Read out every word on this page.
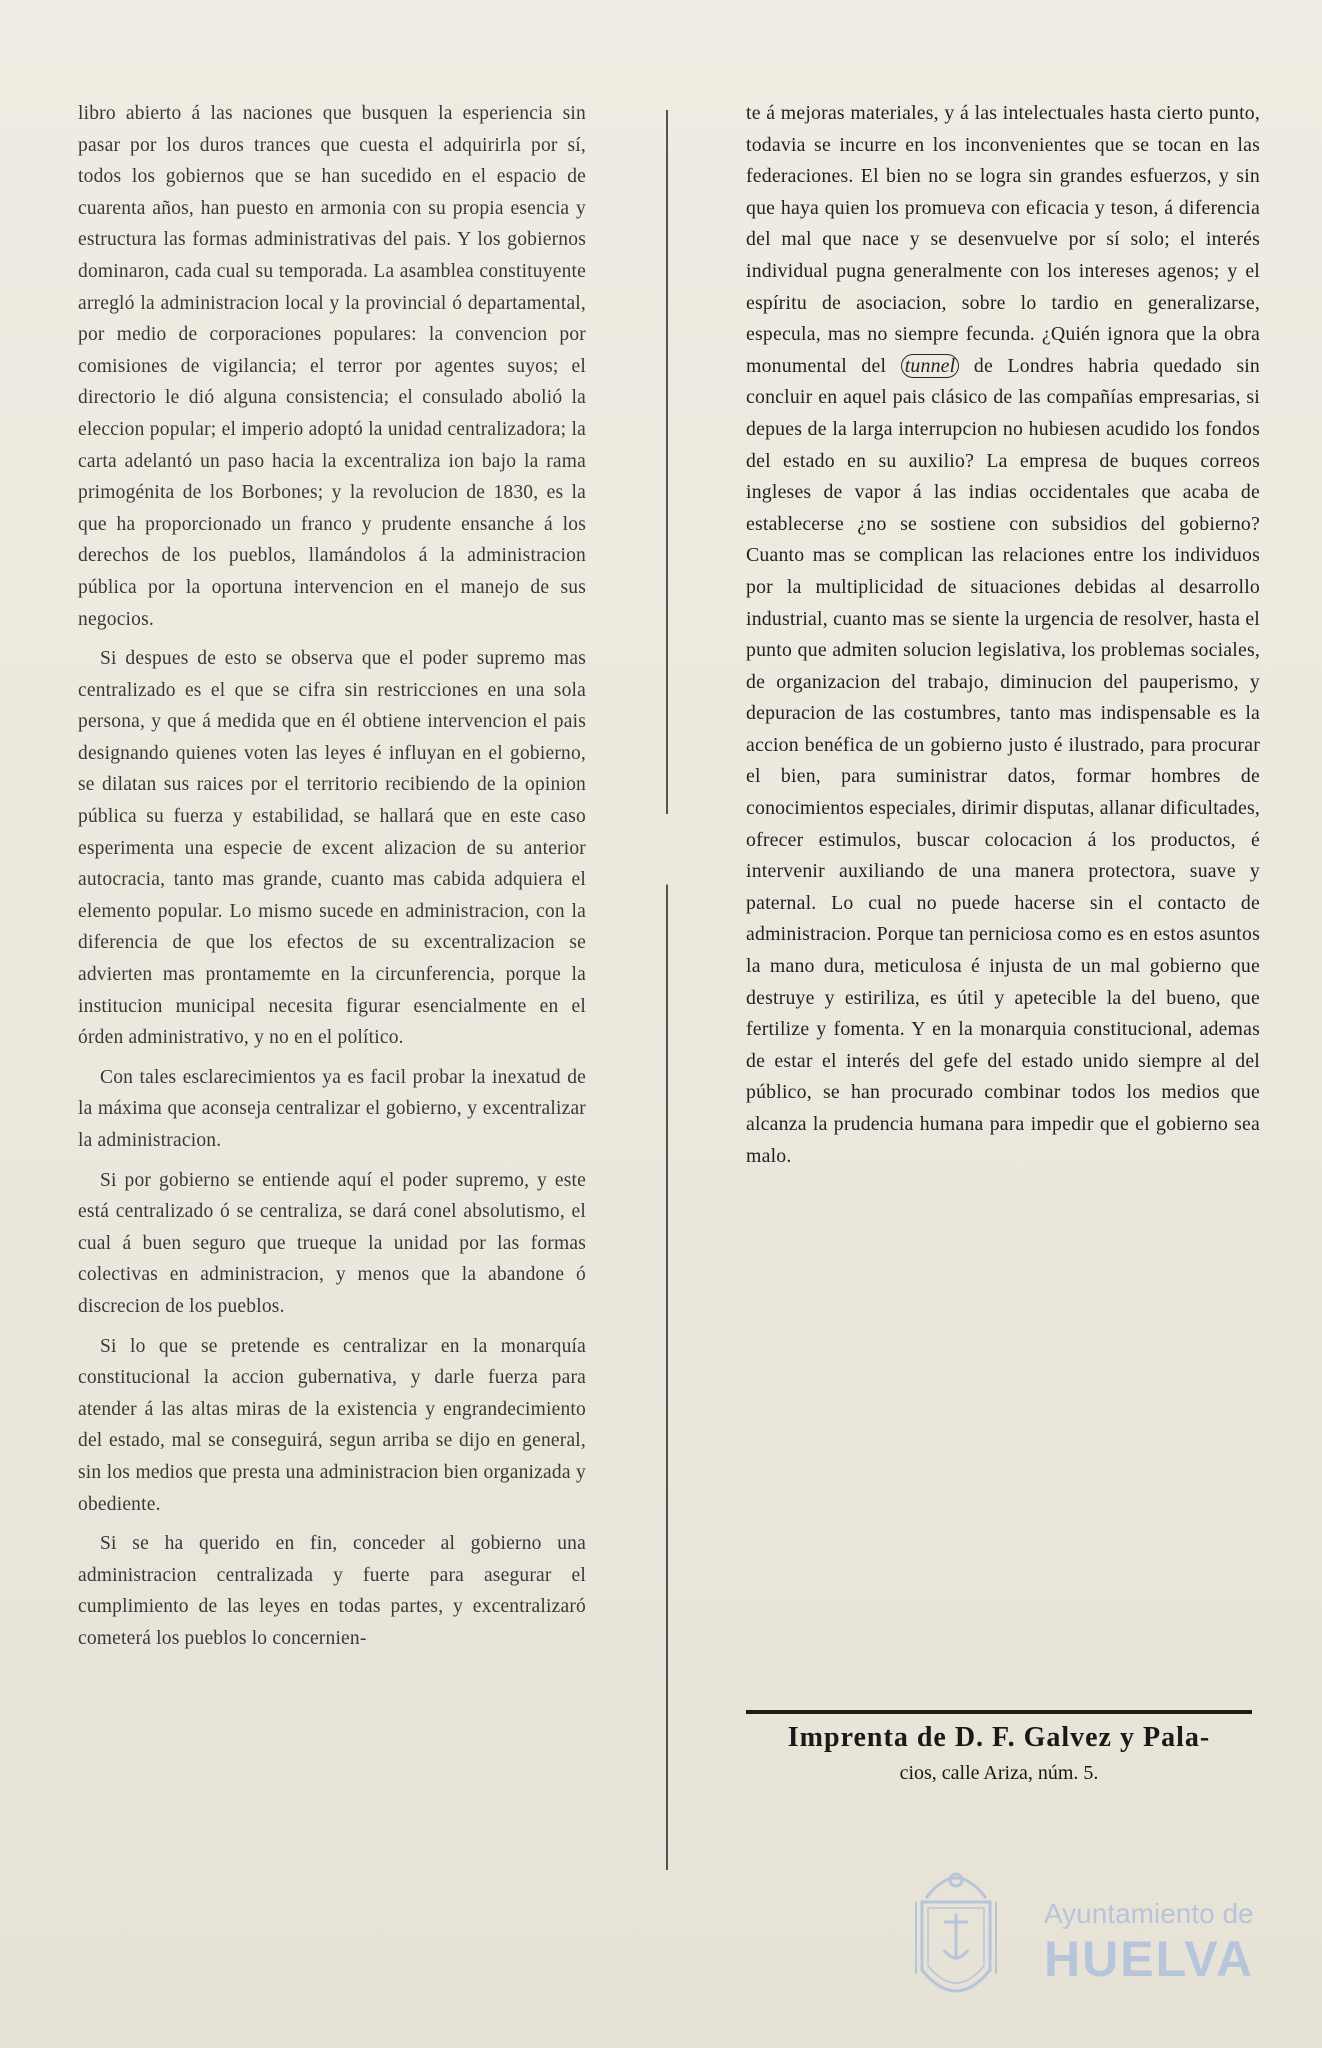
libro abierto á las naciones que busquen la esperiencia sin pasar por los duros trances que cuesta el adquirirla por sí, todos los gobiernos que se han sucedido en el espacio de cuarenta años, han puesto en armonia con su propia esencia y estructura las formas administrativas del pais. Y los gobiernos dominaron, cada cual su temporada. La asamblea constituyente arregló la administracion local y la provincial ó departamental, por medio de corporaciones populares: la convencion por comisiones de vigilancia; el terror por agentes suyos; el directorio le dió alguna consistencia; el consulado abolió la eleccion popular; el imperio adoptó la unidad centralizadora; la carta adelantó un paso hacia la excentraliza ion bajo la rama primogénita de los Borbones; y la revolucion de 1830, es la que ha proporcionado un franco y prudente ensanche á los derechos de los pueblos, llamándolos á la administracion pública por la oportuna intervencion en el manejo de sus negocios.

Si despues de esto se observa que el poder supremo mas centralizado es el que se cifra sin restricciones en una sola persona, y que á medida que en él obtiene intervencion el pais designando quienes voten las leyes é influyan en el gobierno, se dilatan sus raices por el territorio recibiendo de la opinion pública su fuerza y estabilidad, se hallará que en este caso esperimenta una especie de excent alizacion de su anterior autocracia, tanto mas grande, cuanto mas cabida adquiera el elemento popular. Lo mismo sucede en administracion, con la diferencia de que los efectos de su excentralizacion se advierten mas prontamemte en la circunferencia, porque la institucion municipal necesita figurar esencialmente en el órden administrativo, y no en el político.

Con tales esclarecimientos ya es facil probar la inexatud de la máxima que aconseja centralizar el gobierno, y excentralizar la administracion.

Si por gobierno se entiende aquí el poder supremo, y este está centralizado ó se centraliza, se dará conel absolutismo, el cual á buen seguro que trueque la unidad por las formas colectivas en administracion, y menos que la abandone ó discrecion de los pueblos.

Si lo que se pretende es centralizar en la monarquía constitucional la accion gubernativa, y darle fuerza para atender á las altas miras de la existencia y engrandecimiento del estado, mal se conseguirá, segun arriba se dijo en general, sin los medios que presta una administracion bien organizada y obediente.

Si se ha querido en fin, conceder al gobierno una administracion centralizada y fuerte para asegurar el cumplimiento de las leyes en todas partes, y excentralizaró cometerá los pueblos lo concernien-

te á mejoras materiales, y á las intelectuales hasta cierto punto, todavia se incurre en los inconvenientes que se tocan en las federaciones. El bien no se logra sin grandes esfuerzos, y sin que haya quien los promueva con eficacia y teson, á diferencia del mal que nace y se desenvuelve por sí solo; el interés individual pugna generalmente con los intereses agenos; y el espíritu de asociacion, sobre lo tardio en generalizarse, especula, mas no siempre fecunda. ¿Quién ignora que la obra monumental del tunnel de Londres habria quedado sin concluir en aquel pais clásico de las compañías empresarias, si depues de la larga interrupcion no hubiesen acudido los fondos del estado en su auxilio? La empresa de buques correos ingleses de vapor á las indias occidentales que acaba de establecerse ¿no se sostiene con subsidios del gobierno? Cuanto mas se complican las relaciones entre los individuos por la multiplicidad de situaciones debidas al desarrollo industrial, cuanto mas se siente la urgencia de resolver, hasta el punto que admiten solucion legislativa, los problemas sociales, de organizacion del trabajo, diminucion del pauperismo, y depuracion de las costumbres, tanto mas indispensable es la accion benéfica de un gobierno justo é ilustrado, para procurar el bien, para suministrar datos, formar hombres de conocimientos especiales, dirimir disputas, allanar dificultades, ofrecer estimulos, buscar colocacion á los productos, é intervenir auxiliando de una manera protectora, suave y paternal. Lo cual no puede hacerse sin el contacto de administracion. Porque tan perniciosa como es en estos asuntos la mano dura, meticulosa é injusta de un mal gobierno que destruye y estiriliza, es útil y apetecible la del bueno, que fertilize y fomenta. Y en la monarquia constitucional, ademas de estar el interés del gefe del estado unido siempre al del público, se han procurado combinar todos los medios que alcanza la prudencia humana para impedir que el gobierno sea malo.

Imprenta de D. F. Galvez y Pala-
cios, calle Ariza, núm. 5.
Ayuntamiento de
HUELVA
